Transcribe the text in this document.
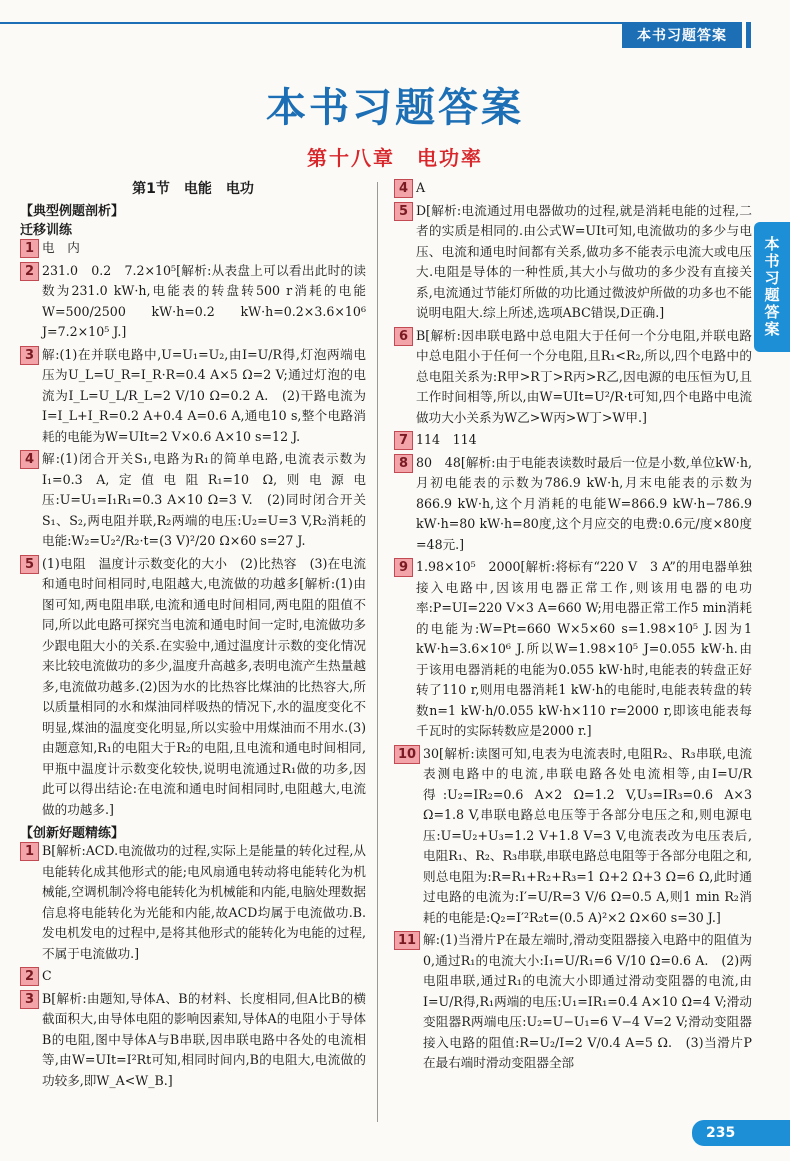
本书习题答案
本书习题答案
本书习题答案
第十八章　电功率
第1节　电能　电功
【典型例题剖析】
迁移训练
1 电　内
2 231.0　0.2　7.2×10⁵[解析:从表盘上可以看出此时的读数为231.0 kW·h,电能表的转盘转500 r消耗的电能 W=500/2500 kW·h=0.2 kW·h=0.2×3.6×10⁶ J=7.2×10⁵ J.]
3 解:(1)在并联电路中,U=U₁=U₂,由I=U/R得,灯泡两端电压为U_L=U_R=I_R·R=0.4 A×5 Ω=2 V;通过灯泡的电流为I_L=U_L/R_L=2 V/10 Ω=0.2 A.　(2)干路电流为I=I_L+I_R=0.2 A+0.4 A=0.6 A,通电10 s,整个电路消耗的电能为W=UIt=2 V×0.6 A×10 s=12 J.
4 解:(1)闭合开关S₁,电路为R₁的简单电路,电流表示数为I₁=0.3 A,定值电阻R₁=10 Ω,则电源电压:U=U₁=I₁R₁=0.3 A×10 Ω=3 V.　(2)同时闭合开关S₁、S₂,两电阻并联,R₂两端的电压:U₂=U=3 V,R₂消耗的电能:W₂=U₂²/R₂·t=(3 V)²/20 Ω×60 s=27 J.
5 (1)电阻　温度计示数变化的大小　(2)比热容　(3)在电流和通电时间相同时,电阻越大,电流做的功越多[解析:(1)由图可知,两电阻串联,电流和通电时间相同,两电阻的阻值不同,所以此电路可探究当电流和通电时间一定时,电流做功多少跟电阻大小的关系.在实验中,通过温度计示数的变化情况来比较电流做功的多少,温度升高越多,表明电流产生热量越多,电流做功越多.(2)因为水的比热容比煤油的比热容大,所以质量相同的水和煤油同样吸热的情况下,水的温度变化不明显,煤油的温度变化明显,所以实验中用煤油而不用水.(3)由题意知,R₁的电阻大于R₂的电阻,且电流和通电时间相同,甲瓶中温度计示数变化较快,说明电流通过R₁做的功多,因此可以得出结论:在电流和通电时间相同时,电阻越大,电流做的功越多.]
【创新好题精练】
1 B[解析:ACD.电流做功的过程,实际上是能量的转化过程,从电能转化成其他形式的能;电风扇通电转动将电能转化为机械能,空调机制冷将电能转化为机械能和内能,电脑处理数据信息将电能转化为光能和内能,故ACD均属于电流做功.B.发电机发电的过程中,是将其他形式的能转化为电能的过程,不属于电流做功.]
2 C
3 B[解析:由题知,导体A、B的材料、长度相同,但A比B的横截面积大,由导体电阻的影响因素知,导体A的电阻小于导体B的电阻,图中导体A与B串联,因串联电路中各处的电流相等,由W=UIt=I²Rt可知,相同时间内,B的电阻大,电流做的功较多,即W_A<W_B.]
4 A
5 D[解析:电流通过用电器做功的过程,就是消耗电能的过程,二者的实质是相同的.由公式W=UIt可知,电流做功的多少与电压、电流和通电时间都有关系,做功多不能表示电流大或电压大.电阻是导体的一种性质,其大小与做功的多少没有直接关系,电流通过节能灯所做的功比通过微波炉所做的功多也不能说明电阻大.综上所述,选项ABC错误,D正确.]
6 B[解析:因串联电路中总电阻大于任何一个分电阻,并联电路中总电阻小于任何一个分电阻,且R₁<R₂,所以,四个电路中的总电阻关系为:R甲>R丁>R丙>R乙,因电源的电压恒为U,且工作时间相等,所以,由W=UIt=U²/R·t可知,四个电路中电流做功大小关系为W乙>W丙>W丁>W甲.]
7 114　114
8 80　48[解析:由于电能表读数时最后一位是小数,单位kW·h,月初电能表的示数为786.9 kW·h,月末电能表的示数为866.9 kW·h,这个月消耗的电能W=866.9 kW·h−786.9 kW·h=80 kW·h=80度,这个月应交的电费:0.6元/度×80度=48元.]
9 1.98×10⁵　2000[解析:将标有“220 V　3 A”的用电器单独接入电路中,因该用电器正常工作,则该用电器的电功率:P=UI=220 V×3 A=660 W;用电器正常工作5 min消耗的电能为:W=Pt=660 W×5×60 s=1.98×10⁵ J.因为1 kW·h=3.6×10⁶ J.所以W=1.98×10⁵ J=0.055 kW·h.由于该用电器消耗的电能为0.055 kW·h时,电能表的转盘正好转了110 r,则用电器消耗1 kW·h的电能时,电能表转盘的转数n=1 kW·h/0.055 kW·h×110 r=2000 r,即该电能表每千瓦时的实际转数应是2000 r.]
10 30[解析:读图可知,电表为电流表时,电阻R₂、R₃串联,电流表测电路中的电流,串联电路各处电流相等,由I=U/R得:U₂=IR₂=0.6 A×2 Ω=1.2 V,U₃=IR₃=0.6 A×3 Ω=1.8 V,串联电路总电压等于各部分电压之和,则电源电压:U=U₂+U₃=1.2 V+1.8 V=3 V,电流表改为电压表后,电阻R₁、R₂、R₃串联,串联电路总电阻等于各部分电阻之和,则总电阻为:R=R₁+R₂+R₃=1 Ω+2 Ω+3 Ω=6 Ω,此时通过电路的电流为:I′=U/R=3 V/6 Ω=0.5 A,则1 min R₂消耗的电能是:Q₂=I′²R₂t=(0.5 A)²×2 Ω×60 s=30 J.]
11 解:(1)当滑片P在最左端时,滑动变阻器接入电路中的阻值为0,通过R₁的电流大小:I₁=U/R₁=6 V/10 Ω=0.6 A.　(2)两电阻串联,通过R₁的电流大小即通过滑动变阻器的电流,由I=U/R得,R₁两端的电压:U₁=IR₁=0.4 A×10 Ω=4 V;滑动变阻器R两端电压:U₂=U−U₁=6 V−4 V=2 V;滑动变阻器接入电路的阻值:R=U₂/I=2 V/0.4 A=5 Ω.　(3)当滑片P在最右端时滑动变阻器全部
235
